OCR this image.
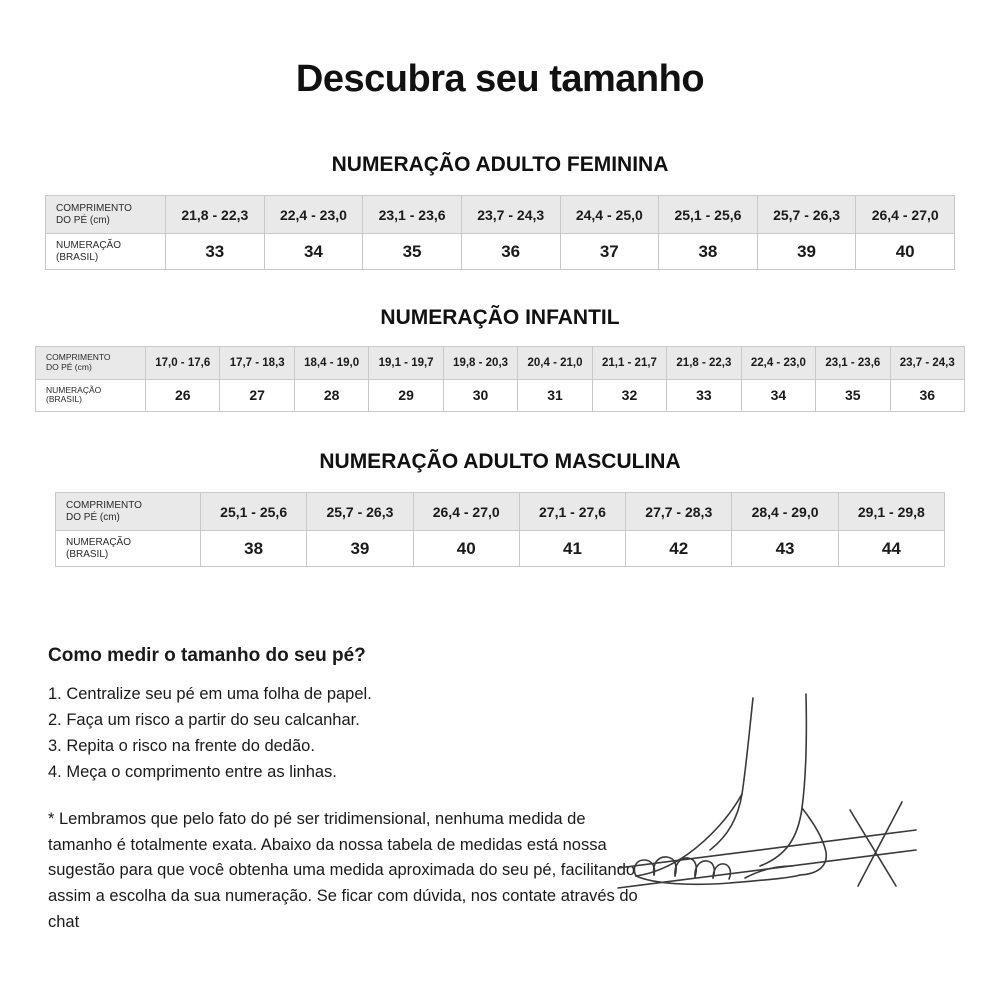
Descubra seu tamanho
NUMERAÇÃO ADULTO FEMININA
COMPRIMENTO
DO PÉ (cm)	21,8 - 22,3	22,4 - 23,0	23,1 - 23,6	23,7 - 24,3	24,4 - 25,0	25,1 - 25,6	25,7 - 26,3	26,4 - 27,0

NUMERAÇÃO
(BRASIL)	33	34	35	36	37	38	39	40
NUMERAÇÃO INFANTIL
COMPRIMENTO
DO PÉ (cm)	17,0 - 17,6	17,7 - 18,3	18,4 - 19,0	19,1 - 19,7	19,8 - 20,3	20,4 - 21,0	21,1 - 21,7	21,8 - 22,3	22,4 - 23,0	23,1 - 23,6	23,7 - 24,3

NUMERAÇÃO
(BRASIL)	26	27	28	29	30	31	32	33	34	35	36
NUMERAÇÃO ADULTO MASCULINA
COMPRIMENTO
DO PÉ (cm)	25,1 - 25,6	25,7 - 26,3	26,4 - 27,0	27,1 - 27,6	27,7 - 28,3	28,4 - 29,0	29,1 - 29,8

NUMERAÇÃO
(BRASIL)	38	39	40	41	42	43	44
Como medir o tamanho do seu pé?
1. Centralize seu pé em uma folha de papel.
2. Faça um risco a partir do seu calcanhar.
3. Repita o risco na frente do dedão.
4. Meça o comprimento entre as linhas.

* Lembramos que pelo fato do pé ser tridimensional, nenhuma medida de tamanho é totalmente exata. Abaixo da nossa tabela de medidas está nossa sugestão para que você obtenha uma medida aproximada do seu pé, facilitando assim a escolha da sua numeração. Se ficar com dúvida, nos contate através do chat
